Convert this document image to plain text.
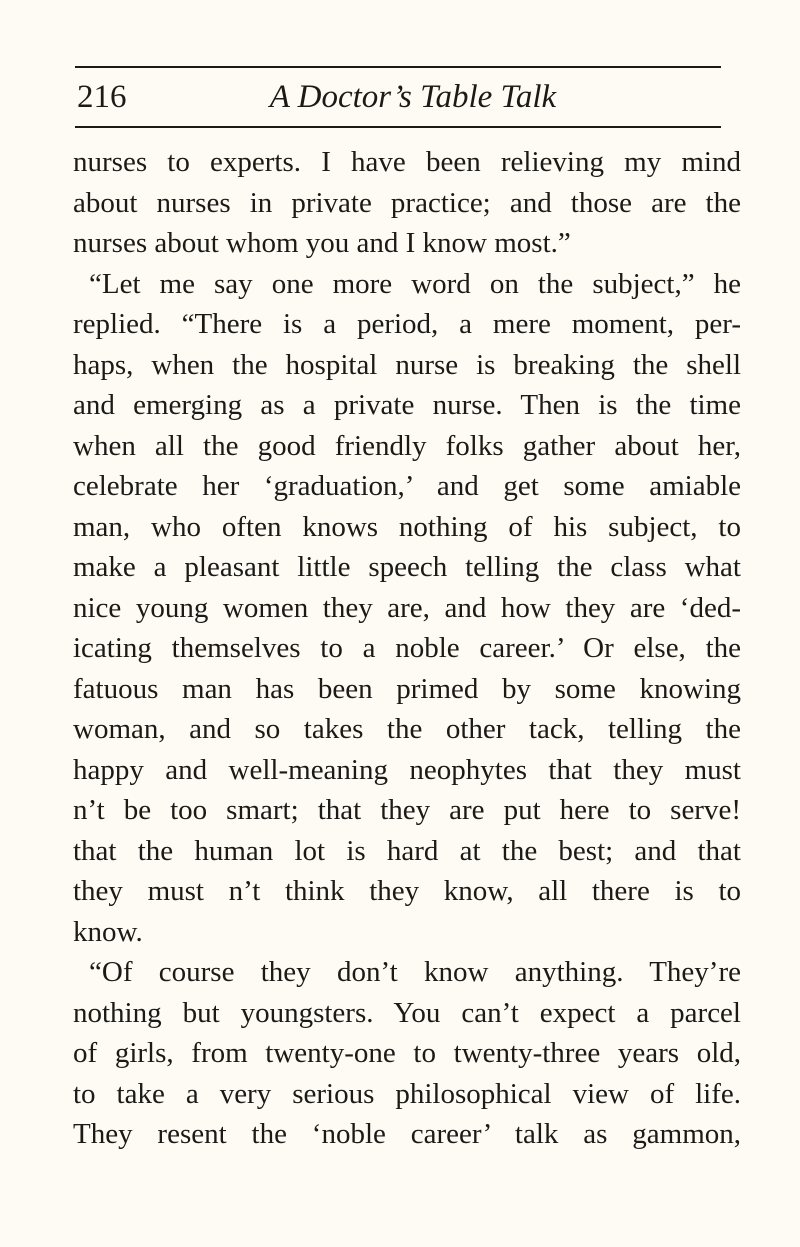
216	A Doctor’s Table Talk
nurses to experts. I have been relieving my mind
about nurses in private practice; and those are the
nurses about whom you and I know most.”
“Let me say one more word on the subject,” he
replied. “There is a period, a mere moment, per-
haps, when the hospital nurse is breaking the shell
and emerging as a private nurse. Then is the time
when all the good friendly folks gather about her,
celebrate her ‘graduation,’ and get some amiable
man, who often knows nothing of his subject, to
make a pleasant little speech telling the class what
nice young women they are, and how they are ‘ded-
icating themselves to a noble career.’ Or else, the
fatuous man has been primed by some knowing
woman, and so takes the other tack, telling the
happy and well-meaning neophytes that they must
n’t be too smart; that they are put here to serve!
that the human lot is hard at the best; and that
they must n’t think they know, all there is to
know.
“Of course they don’t know anything. They’re
nothing but youngsters. You can’t expect a parcel
of girls, from twenty-one to twenty-three years old,
to take a very serious philosophical view of life.
They resent the ‘noble career’ talk as gammon,
